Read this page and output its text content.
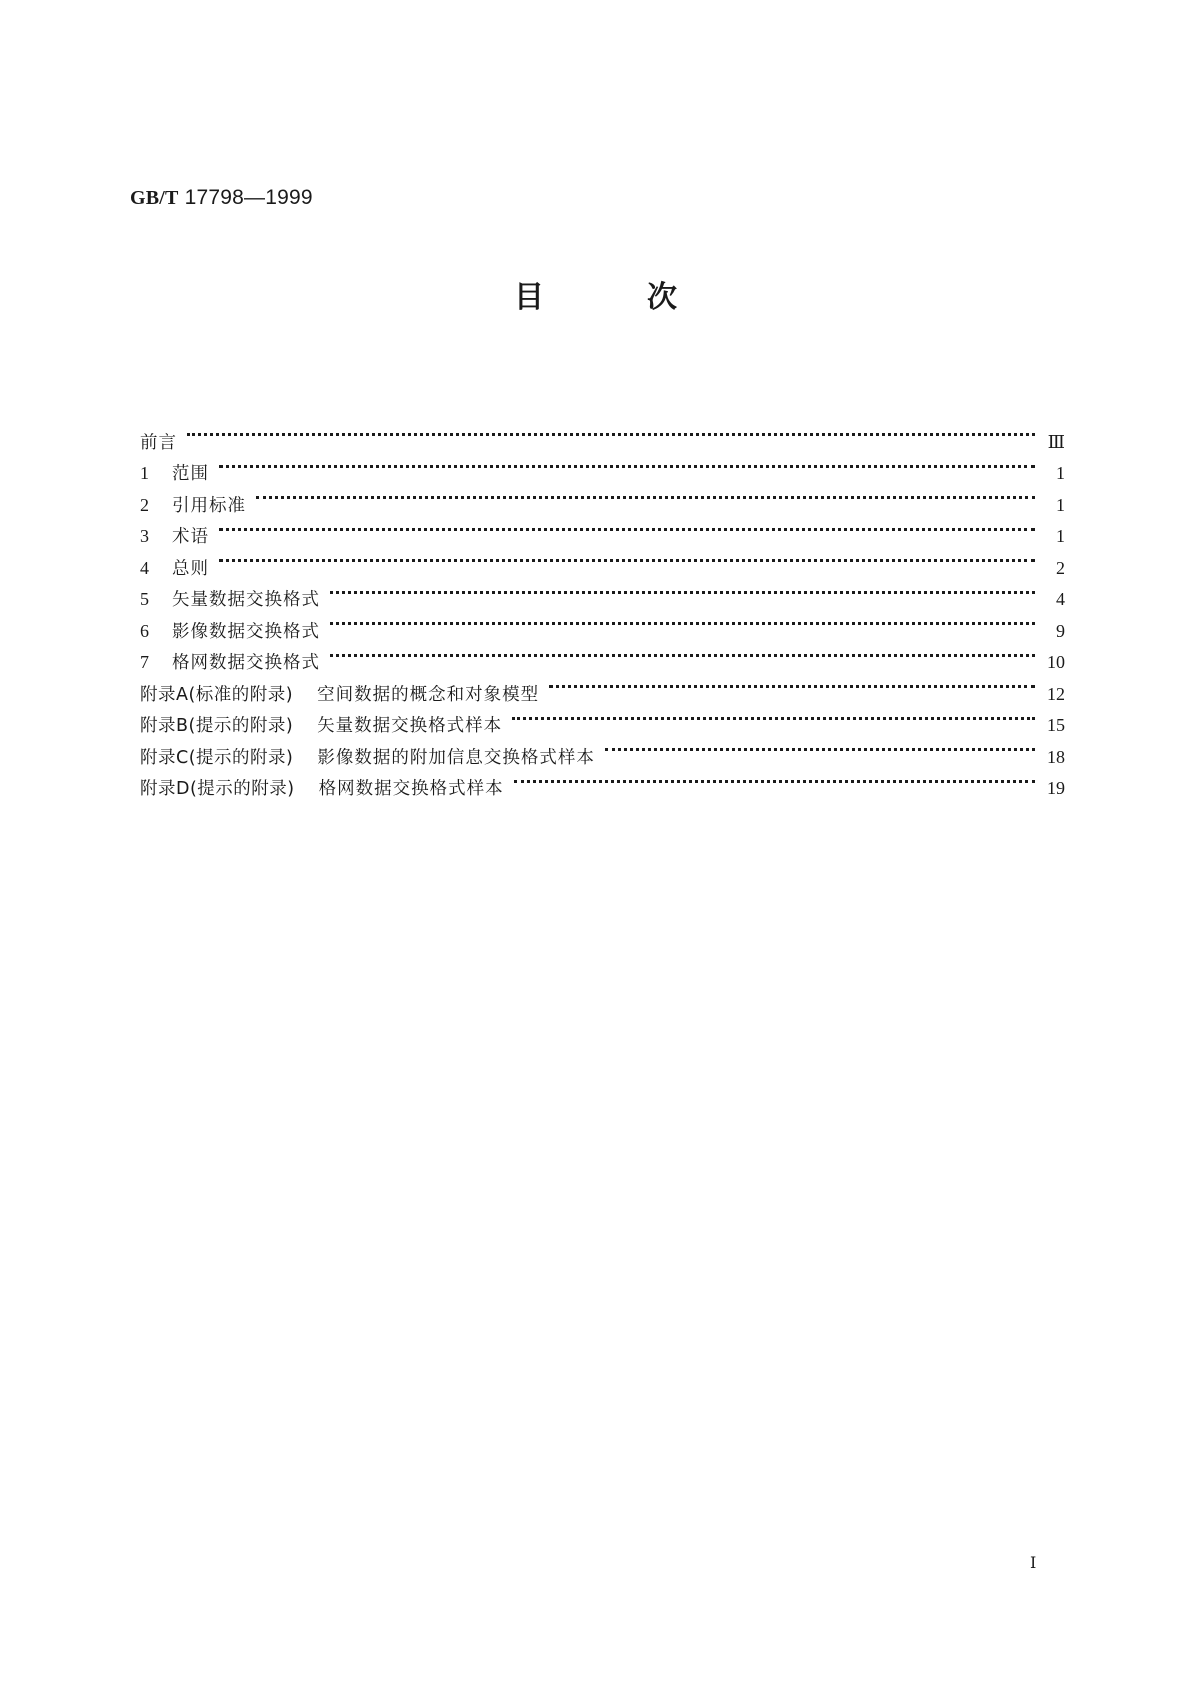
GB/T 17798—1999
目	次
前言	Ⅲ
1	范围	1
2	引用标准	1
3	术语	1
4	总则	2
5	矢量数据交换格式	4
6	影像数据交换格式	9
7	格网数据交换格式	10
附录A(标准的附录) 空间数据的概念和对象模型	12
附录B(提示的附录) 矢量数据交换格式样本	15
附录C(提示的附录) 影像数据的附加信息交换格式样本	18
附录D(提示的附录) 格网数据交换格式样本	19
Ⅰ
